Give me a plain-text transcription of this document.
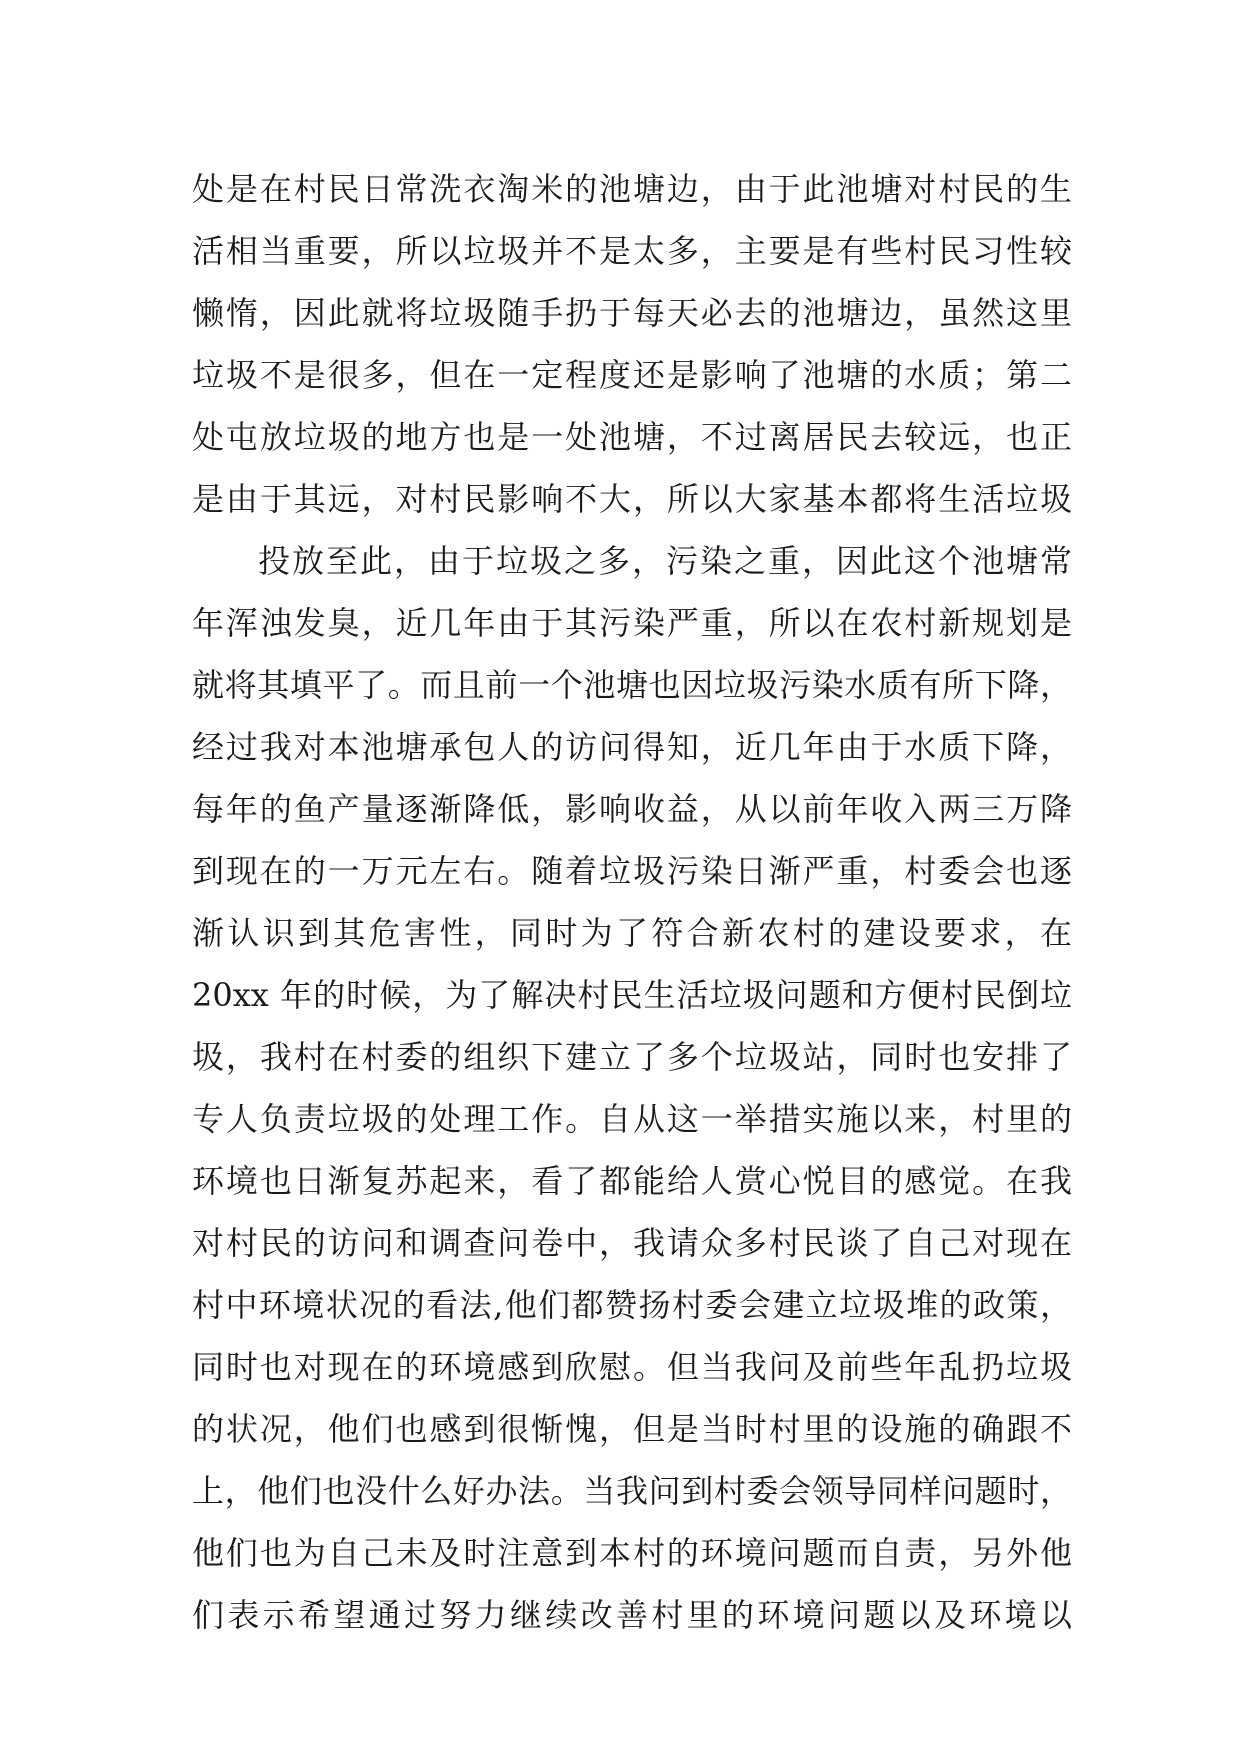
处是在村民日常洗衣淘米的池塘边，由于此池塘对村民的生
活相当重要，所以垃圾并不是太多，主要是有些村民习性较
懒惰，因此就将垃圾随手扔于每天必去的池塘边，虽然这里
垃圾不是很多，但在一定程度还是影响了池塘的水质；第二
处屯放垃圾的地方也是一处池塘，不过离居民去较远，也正
是由于其远，对村民影响不大，所以大家基本都将生活垃圾
投放至此，由于垃圾之多，污染之重，因此这个池塘常
年浑浊发臭，近几年由于其污染严重，所以在农村新规划是
就将其填平了。而且前一个池塘也因垃圾污染水质有所下降，
经过我对本池塘承包人的访问得知，近几年由于水质下降，
每年的鱼产量逐渐降低，影响收益，从以前年收入两三万降
到现在的一万元左右。随着垃圾污染日渐严重，村委会也逐
渐认识到其危害性，同时为了符合新农村的建设要求，在
20xx 年的时候，为了解决村民生活垃圾问题和方便村民倒垃
圾，我村在村委的组织下建立了多个垃圾站，同时也安排了
专人负责垃圾的处理工作。自从这一举措实施以来，村里的
环境也日渐复苏起来，看了都能给人赏心悦目的感觉。在我
对村民的访问和调查问卷中，我请众多村民谈了自己对现在
村中环境状况的看法,他们都赞扬村委会建立垃圾堆的政策，
同时也对现在的环境感到欣慰。但当我问及前些年乱扔垃圾
的状况，他们也感到很惭愧，但是当时村里的设施的确跟不
上，他们也没什么好办法。当我问到村委会领导同样问题时，
他们也为自己未及时注意到本村的环境问题而自责，另外他
们表示希望通过努力继续改善村里的环境问题以及环境以
